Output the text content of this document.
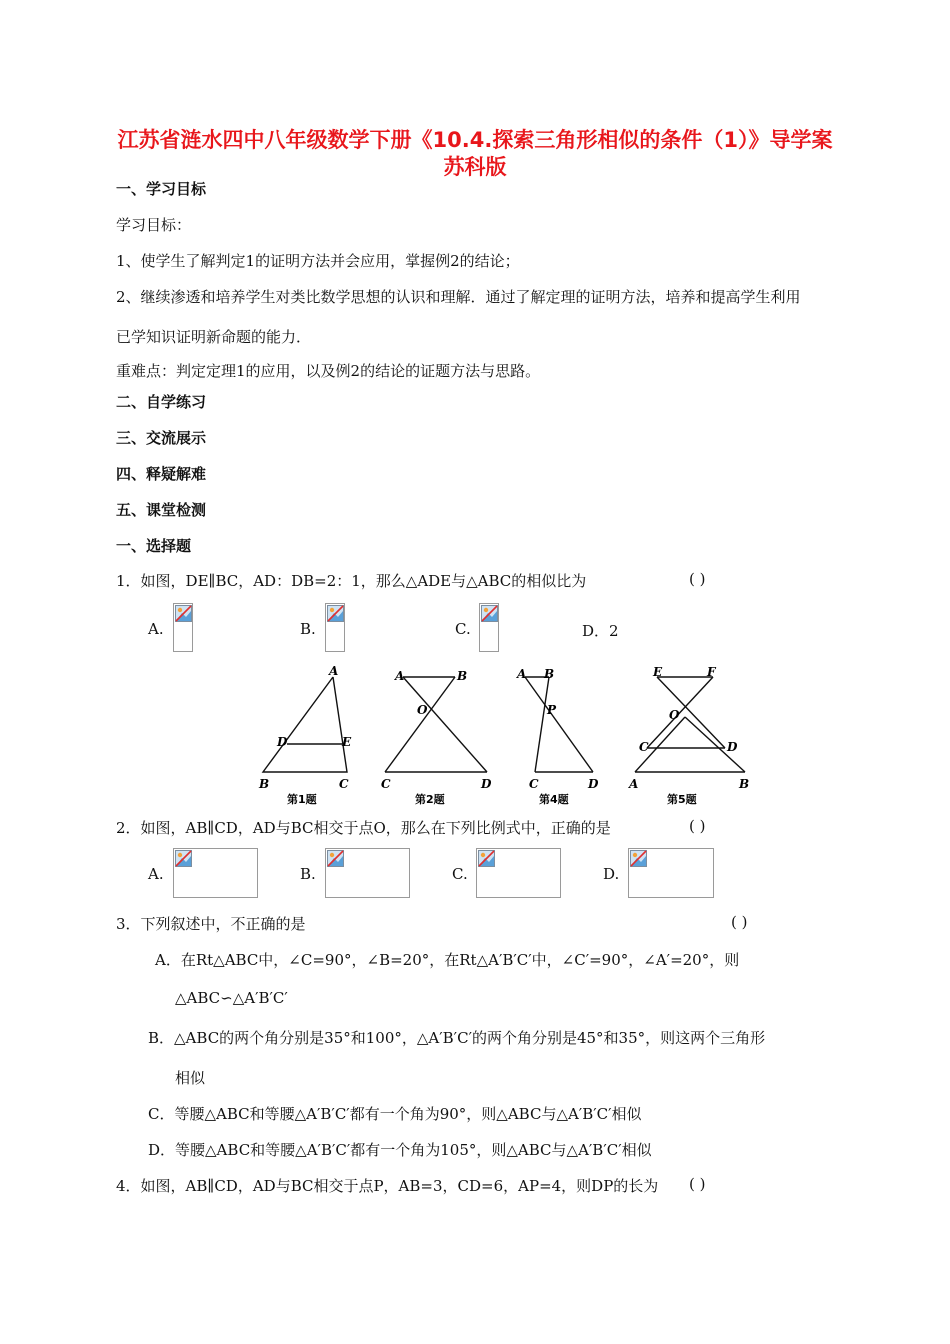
江苏省涟水四中八年级数学下册《10.4.探索三角形相似的条件（1）》导学案
苏科版
一、学习目标
学习目标：
1、使学生了解判定1的证明方法并会应用，掌握例2的结论；
2、继续渗透和培养学生对类比数学思想的认识和理解．通过了解定理的证明方法，培养和提高学生利用
已学知识证明新命题的能力．
重难点：判定定理1的应用，以及例2的结论的证题方法与思路。
二、自学练习
三、交流展示
四、释疑解难
五、课堂检测
一、选择题
1．如图，DE∥BC，AD：DB=2：1，那么△ADE与△ABC的相似比为	( )
A.	B.	C.	D．2
A
D	E
B	C
第1题
A	B
O
C	D
第2题
A B
P
C	D
第4题
E	F
O
C	D
A	B
第5题
2．如图，AB∥CD，AD与BC相交于点O，那么在下列比例式中，正确的是	( )
A.	B.	C.	D.
3．下列叙述中，不正确的是	( )
A．在Rt△ABC中，∠C=90°，∠B=20°，在Rt△A′B′C′中，∠C′=90°，∠A′=20°，则
△ABC∽△A′B′C′
B．△ABC的两个角分别是35°和100°，△A′B′C′的两个角分别是45°和35°，则这两个三角形
相似
C．等腰△ABC和等腰△A′B′C′都有一个角为90°，则△ABC与△A′B′C′相似
D．等腰△ABC和等腰△A′B′C′都有一个角为105°，则△ABC与△A′B′C′相似
4．如图，AB∥CD，AD与BC相交于点P，AB=3，CD=6，AP=4，则DP的长为 ( )
